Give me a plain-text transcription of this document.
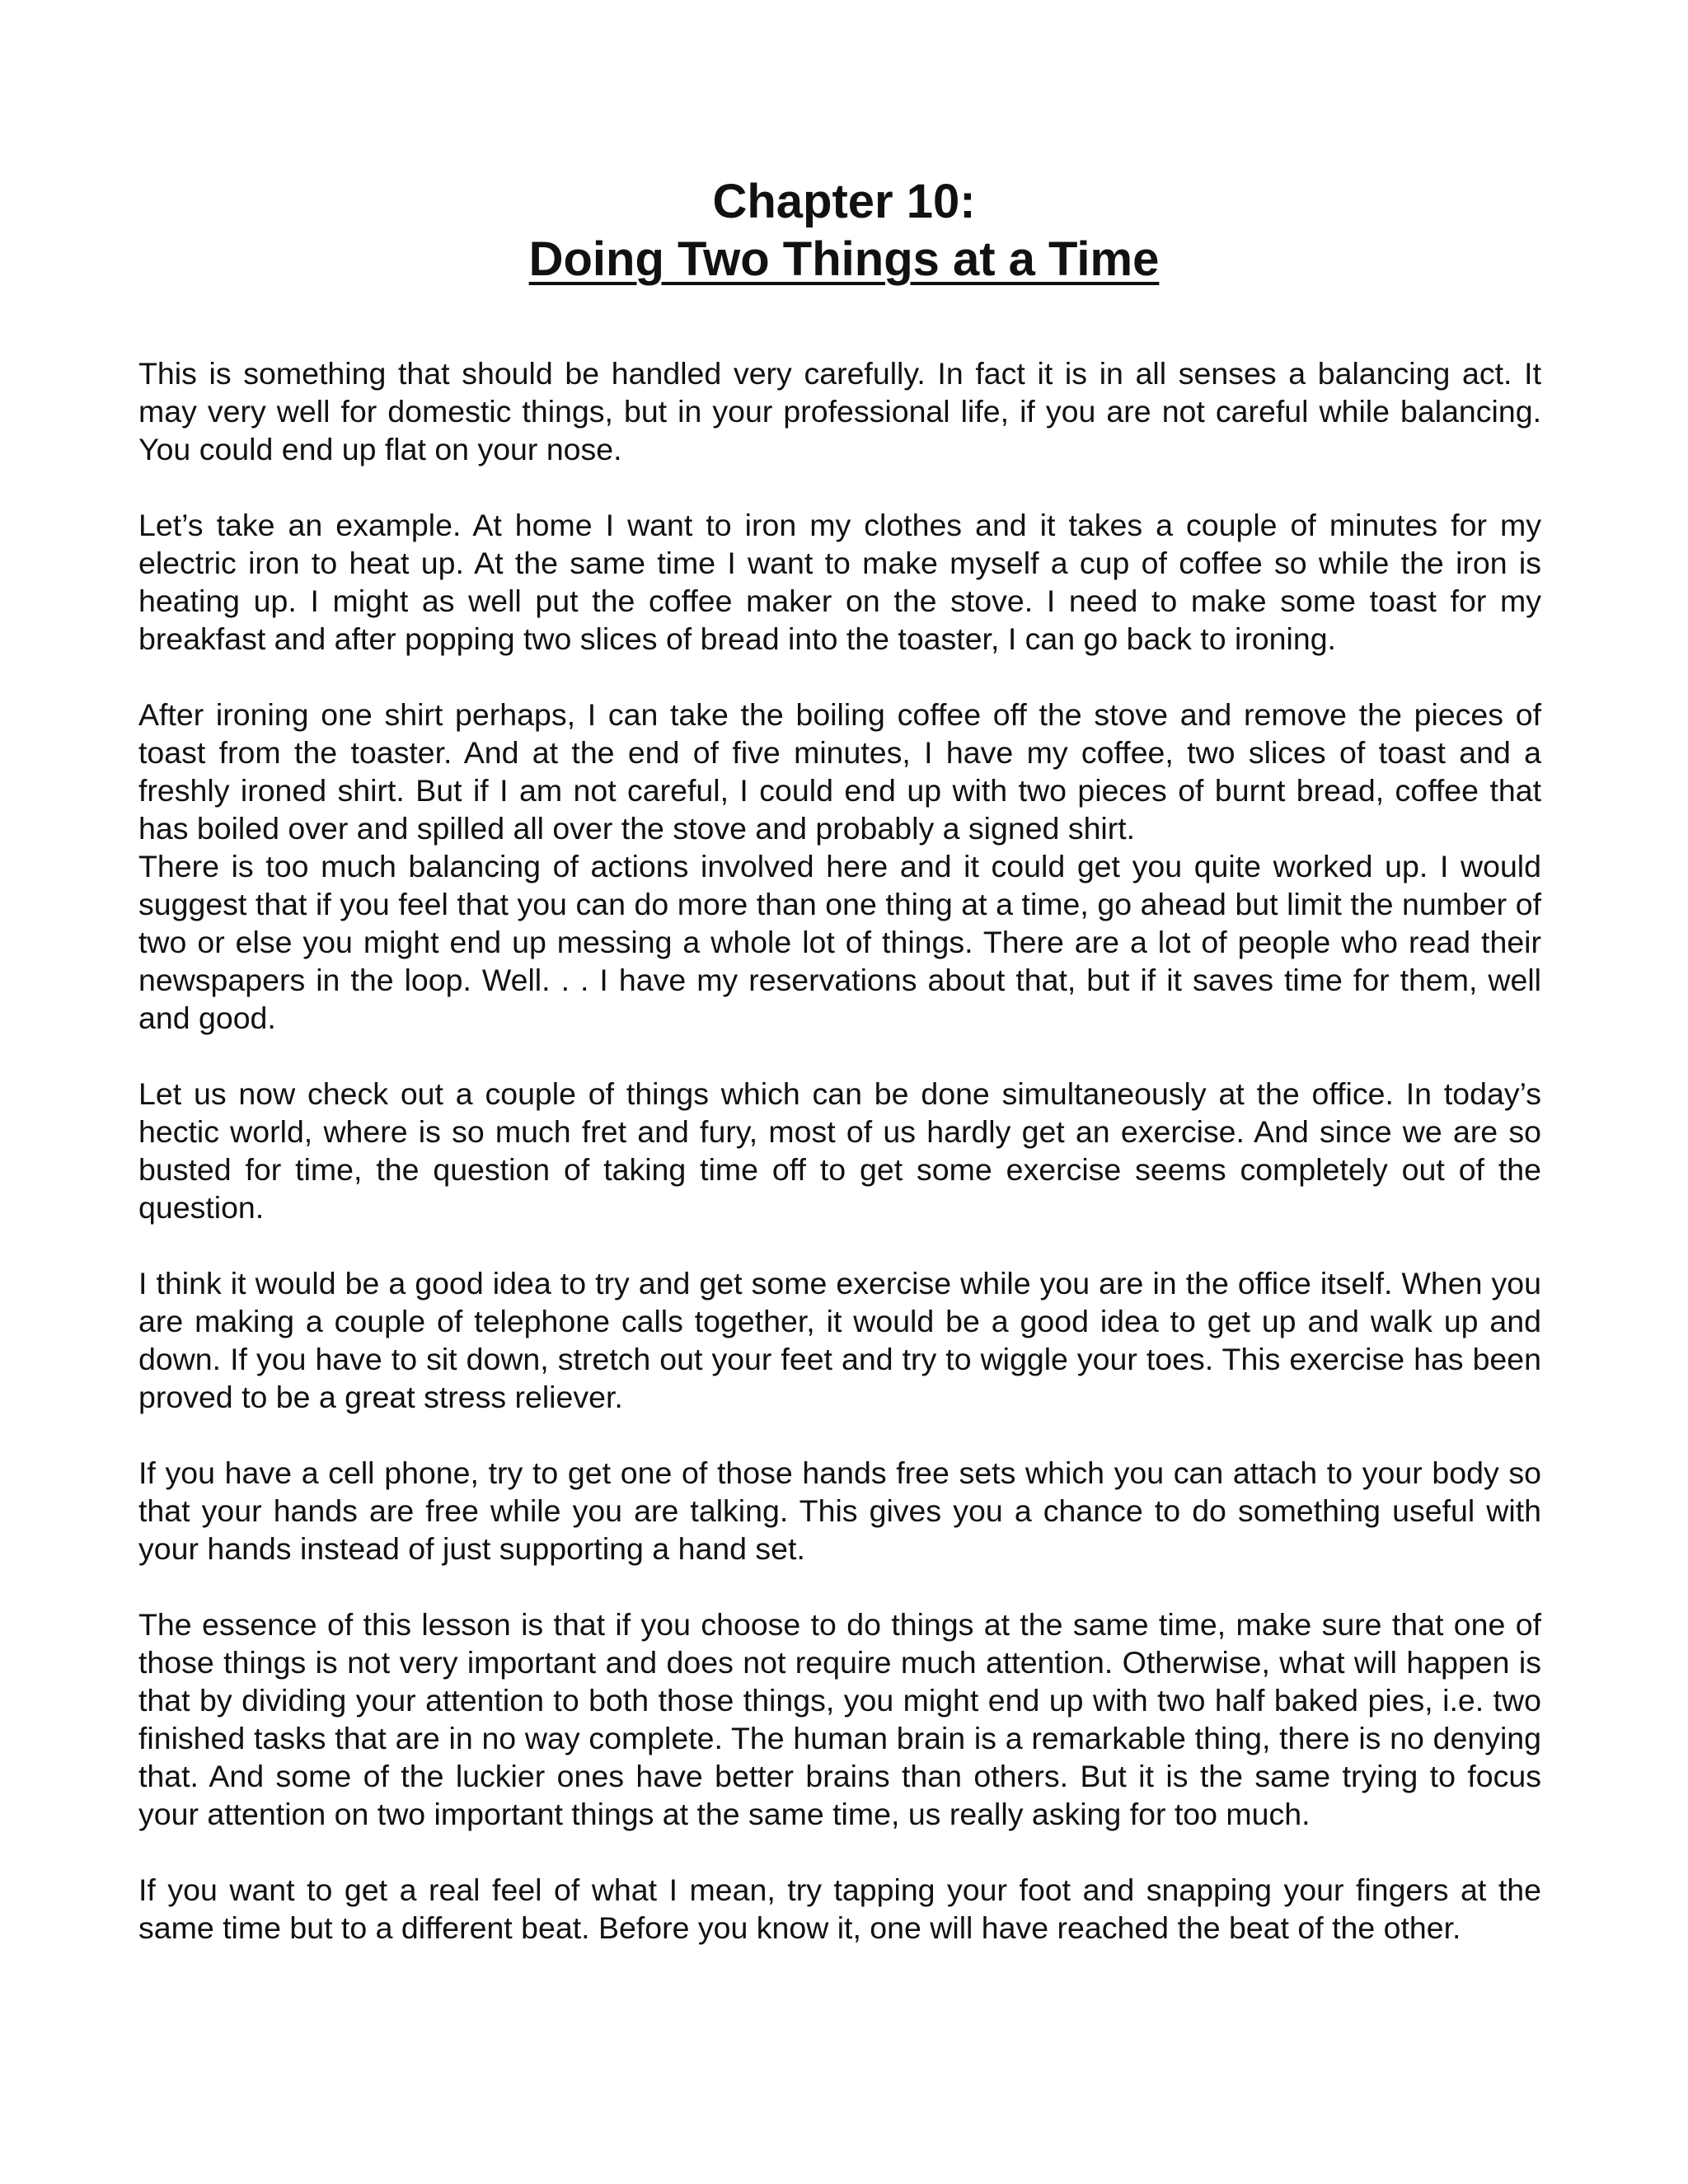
Chapter 10:
Doing Two Things at a Time

This is something that should be handled very carefully. In fact it is in all senses a balancing act. It may very well for domestic things, but in your professional life, if you are not careful while balancing. You could end up flat on your nose.

Let’s take an example. At home I want to iron my clothes and it takes a couple of minutes for my electric iron to heat up. At the same time I want to make myself a cup of coffee so while the iron is heating up. I might as well put the coffee maker on the stove. I need to make some toast for my breakfast and after popping two slices of bread into the toaster, I can go back to ironing.

After ironing one shirt perhaps, I can take the boiling coffee off the stove and remove the pieces of toast from the toaster. And at the end of five minutes, I have my coffee, two slices of toast and a freshly ironed shirt. But if I am not careful, I could end up with two pieces of burnt bread, coffee that has boiled over and spilled all over the stove and probably a signed shirt.

There is too much balancing of actions involved here and it could get you quite worked up. I would suggest that if you feel that you can do more than one thing at a time, go ahead but limit the number of two or else you might end up messing a whole lot of things. There are a lot of people who read their newspapers in the loop. Well. . . I have my reservations about that, but if it saves time for them, well and good.

Let us now check out a couple of things which can be done simultaneously at the office. In today’s hectic world, where is so much fret and fury, most of us hardly get an exercise. And since we are so busted for time, the question of taking time off to get some exercise seems completely out of the question.

I think it would be a good idea to try and get some exercise while you are in the office itself. When you are making a couple of telephone calls together, it would be a good idea to get up and walk up and down. If you have to sit down, stretch out your feet and try to wiggle your toes. This exercise has been proved to be a great stress reliever.

If you have a cell phone, try to get one of those hands free sets which you can attach to your body so that your hands are free while you are talking. This gives you a chance to do something useful with your hands instead of just supporting a hand set.

The essence of this lesson is that if you choose to do things at the same time, make sure that one of those things is not very important and does not require much attention. Otherwise, what will happen is that by dividing your attention to both those things, you might end up with two half baked pies, i.e. two finished tasks that are in no way complete. The human brain is a remarkable thing, there is no denying that. And some of the luckier ones have better brains than others. But it is the same trying to focus your attention on two important things at the same time, us really asking for too much.

If you want to get a real feel of what I mean, try tapping your foot and snapping your fingers at the same time but to a different beat. Before you know it, one will have reached the beat of the other.
